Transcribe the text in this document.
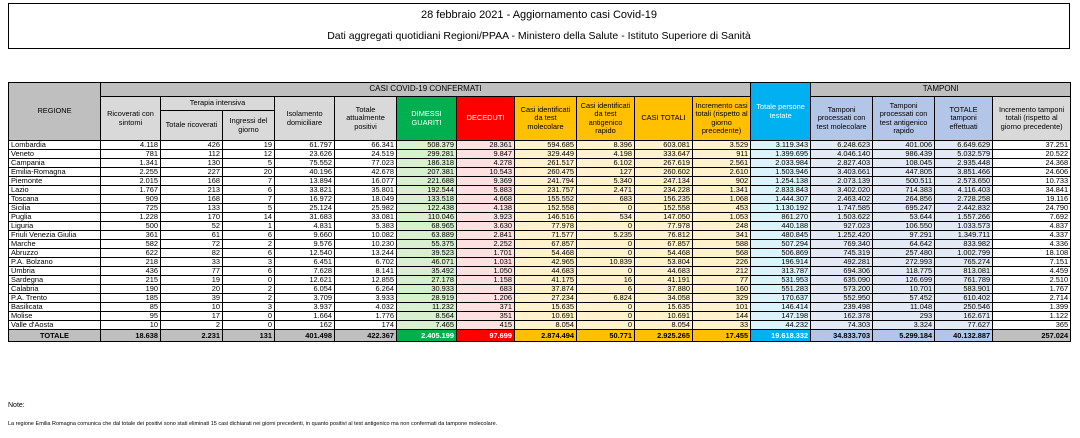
28 febbraio 2021 - Aggiornamento casi Covid-19
Dati aggregati quotidiani Regioni/PPAA - Ministero della Salute - Istituto Superiore di Sanità
REGIONE	CASI COVID-19 CONFERMATI											Totale persone testate	TAMPONI			
	Ricoverati con sintomi	Terapia intensiva		Isolamento domiciliare	Totale attualmente positivi	DIMESSI GUARITI	DECEDUTI	Casi identificati da test molecolare	Casi identificati da test antigenico rapido	CASI TOTALI	Incremento casi totali (rispetto al giorno precedente)		Tamponi processati con test molecolare	Tamponi processati con test antigenico rapido	TOTALE tamponi effettuati	Incremento tamponi totali (rispetto al giorno precedente)
		Totale ricoverati	Ingressi del giorno													
Lombardia	4.118	426	19	61.797	66.341	508.379	28.361	594.685	8.396	603.081	3.529	3.119.343	6.248.623	401.006	6.649.629	37.251
Veneto	781	112	12	23.626	24.519	299.281	9.847	329.449	4.198	333.647	911	1.399.695	4.046.140	986.439	5.032.579	20.522
Campania	1.341	130	5	75.552	77.023	186.318	4.278	261.517	6.102	267.619	2.561	2.033.984	2.827.403	108.045	2.935.448	24.368
Emilia-Romagna	2.255	227	20	40.196	42.678	207.381	10.543	260.475	127	260.602	2.610	1.503.946	3.403.661	447.805	3.851.466	24.606
Piemonte	2.015	168	7	13.894	16.077	221.688	9.369	241.794	5.340	247.134	902	1.254.138	2.073.139	500.511	2.573.650	10.733
Lazio	1.767	213	6	33.821	35.801	192.544	5.883	231.757	2.471	234.228	1.341	2.833.843	3.402.020	714.383	4.116.403	34.841
Toscana	909	168	7	16.972	18.049	133.518	4.668	155.552	683	156.235	1.068	1.444.307	2.463.402	264.856	2.728.258	19.116
Sicilia	725	133	5	25.124	25.982	122.438	4.138	152.558	0	152.558	453	1.130.192	1.747.585	695.247	2.442.832	24.790
Puglia	1.228	170	14	31.683	33.081	110.046	3.923	146.516	534	147.050	1.053	861.270	1.503.622	53.644	1.557.266	7.692
Liguria	500	52	1	4.831	5.383	68.965	3.630	77.978	0	77.978	248	440.188	927.023	106.550	1.033.573	4.837
Friuli Venezia Giulia	361	61	6	9.660	10.082	63.889	2.841	71.577	5.235	76.812	341	480.845	1.252.420	97.291	1.349.711	4.337
Marche	582	72	2	9.576	10.230	55.375	2.252	67.857	0	67.857	588	507.294	769.340	64.642	833.982	4.336
Abruzzo	622	82	6	12.540	13.244	39.523	1.701	54.468	0	54.468	568	506.869	745.319	257.480	1.002.799	18.108
P.A. Bolzano	218	33	3	6.451	6.702	46.071	1.031	42.965	10.839	53.804	226	196.914	492.281	272.993	765.274	7.151
Umbria	436	77	6	7.628	8.141	35.492	1.050	44.683	0	44.683	212	313.787	694.306	118.775	813.081	4.459
Sardegna	215	19	0	12.621	12.855	27.178	1.158	41.175	16	41.191	77	531.953	635.090	126.699	761.789	2.510
Calabria	190	20	2	6.054	6.264	30.933	683	37.874	6	37.880	160	551.283	573.200	10.701	583.901	1.767
P.A. Trento	185	39	2	3.709	3.933	28.919	1.206	27.234	6.824	34.058	329	170.637	552.950	57.452	610.402	2.714
Basilicata	85	10	3	3.937	4.032	11.232	371	15.635	0	15.635	101	146.414	239.498	11.048	250.546	1.399
Molise	95	17	0	1.664	1.776	8.564	351	10.691	0	10.691	144	147.198	162.378	293	162.671	1.122
Valle d'Aosta	10	2	0	162	174	7.465	415	8.054	0	8.054	33	44.232	74.303	3.324	77.627	365
TOTALE	18.638	2.231	131	401.498	422.367	2.405.199	97.699	2.874.494	50.771	2.925.265	17.455	19.618.332	34.833.703	5.299.184	40.132.887	257.024
Note:
La regione Emilia Romagna comunica che dal totale dei positivi sono stati eliminati 15 casi dichiarati nei giorni precedenti, in quanto positivi al test antigenico ma non confermati da tampone molecolare.
